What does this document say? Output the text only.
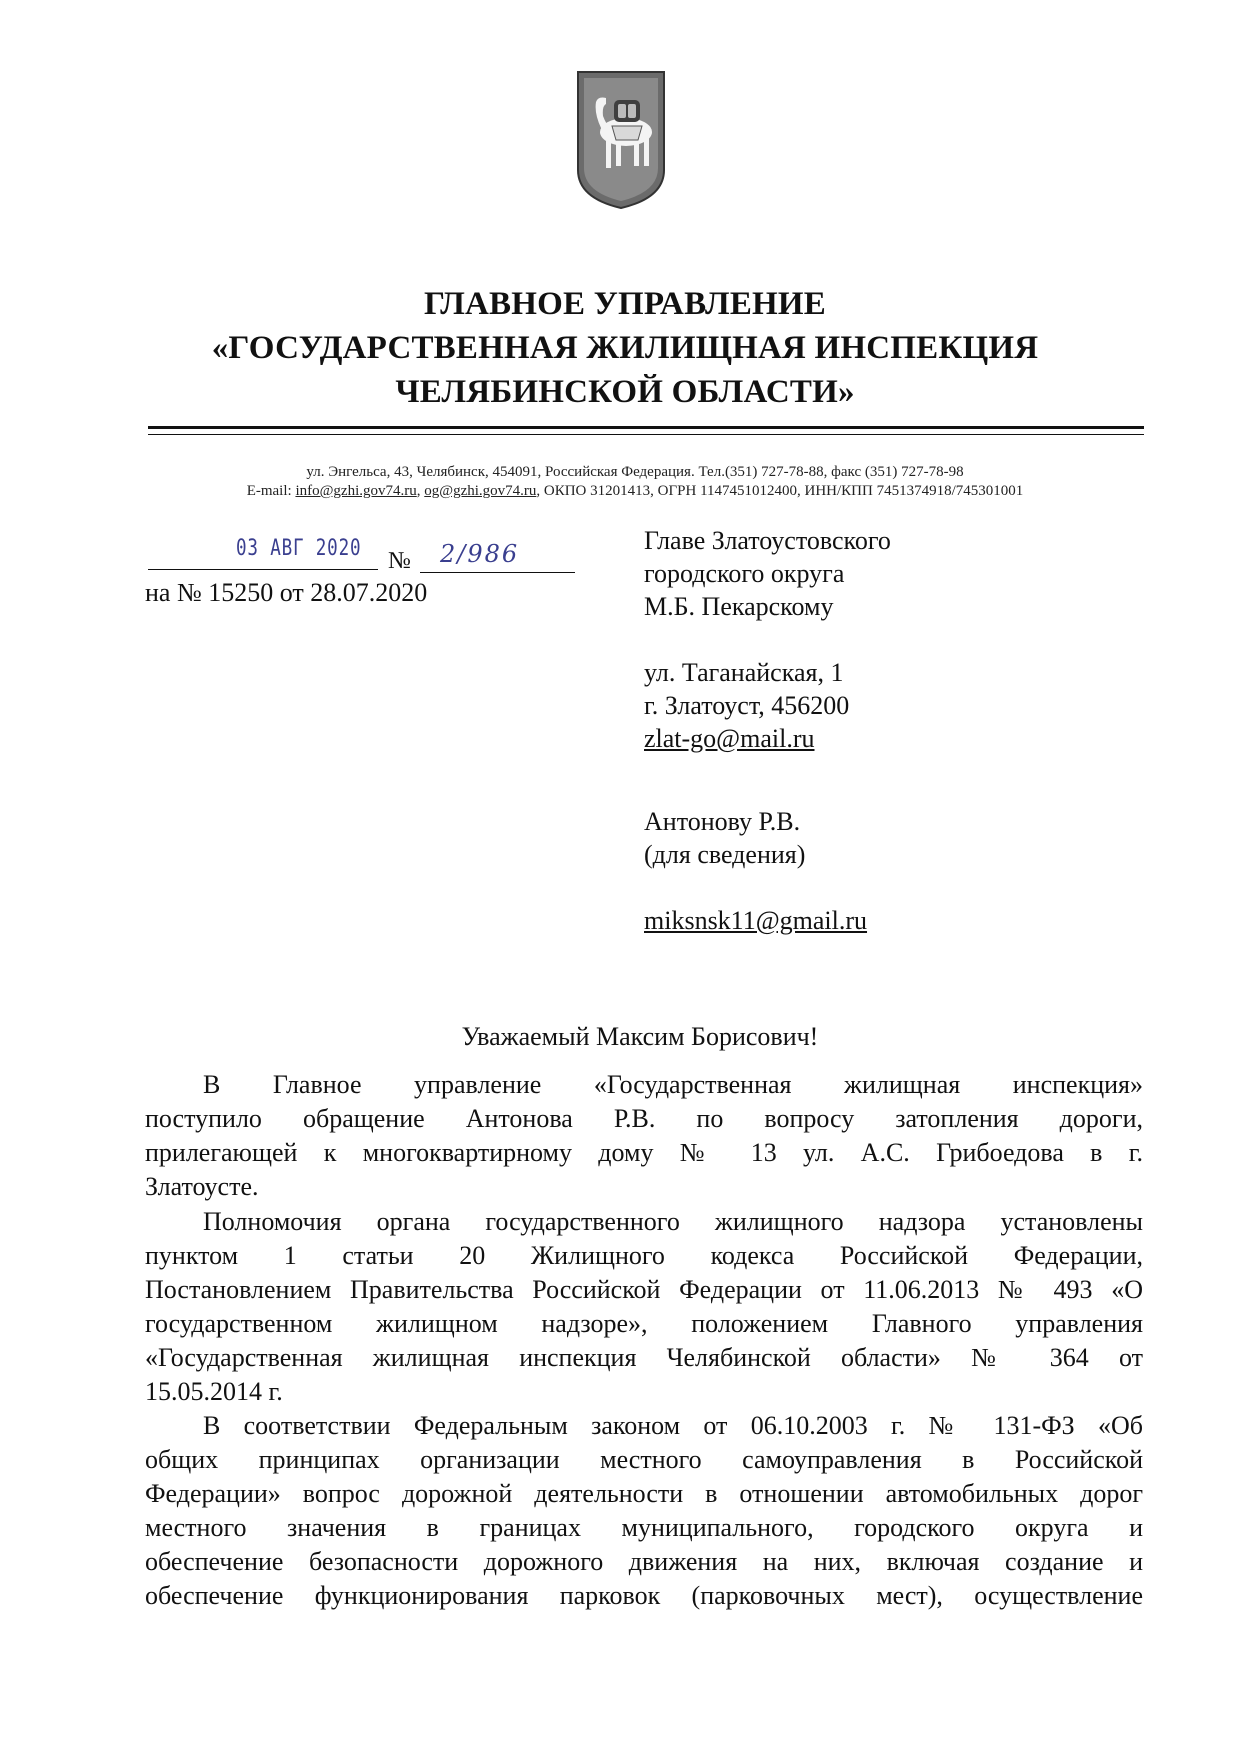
ГЛАВНОЕ УПРАВЛЕНИЕ
«ГОСУДАРСТВЕННАЯ ЖИЛИЩНАЯ ИНСПЕКЦИЯ
ЧЕЛЯБИНСКОЙ ОБЛАСТИ»
ул. Энгельса, 43, Челябинск, 454091, Российская Федерация. Тел.(351) 727-78-88, факс (351) 727-78-98
E-mail: info@gzhi.gov74.ru, og@gzhi.gov74.ru, ОКПО 31201413, ОГРН 1147451012400, ИНН/КПП 7451374918/745301001
03 АВГ 2020 № 2/986
на № 15250 от 28.07.2020
Главе Златоустовского
городского округа
М.Б. Пекарскому
ул. Таганайская, 1
г. Златоуст, 456200
zlat-go@mail.ru
Антонову Р.В.
(для сведения)
miksnsk11@gmail.ru
Уважаемый Максим Борисович!
В Главное управление «Государственная жилищная инспекция»
поступило обращение Антонова Р.В. по вопросу затопления дороги,
прилегающей к многоквартирному дому № 13 ул. А.С. Грибоедова в г.
Златоусте.
Полномочия органа государственного жилищного надзора установлены
пунктом 1 статьи 20 Жилищного кодекса Российской Федерации,
Постановлением Правительства Российской Федерации от 11.06.2013 № 493 «О
государственном жилищном надзоре», положением Главного управления
«Государственная жилищная инспекция Челябинской области» № 364 от
15.05.2014 г.
В соответствии Федеральным законом от 06.10.2003 г. № 131-ФЗ «Об
общих принципах организации местного самоуправления в Российской
Федерации» вопрос дорожной деятельности в отношении автомобильных дорог
местного значения в границах муниципального, городского округа и
обеспечение безопасности дорожного движения на них, включая создание и
обеспечение функционирования парковок (парковочных мест), осуществление
